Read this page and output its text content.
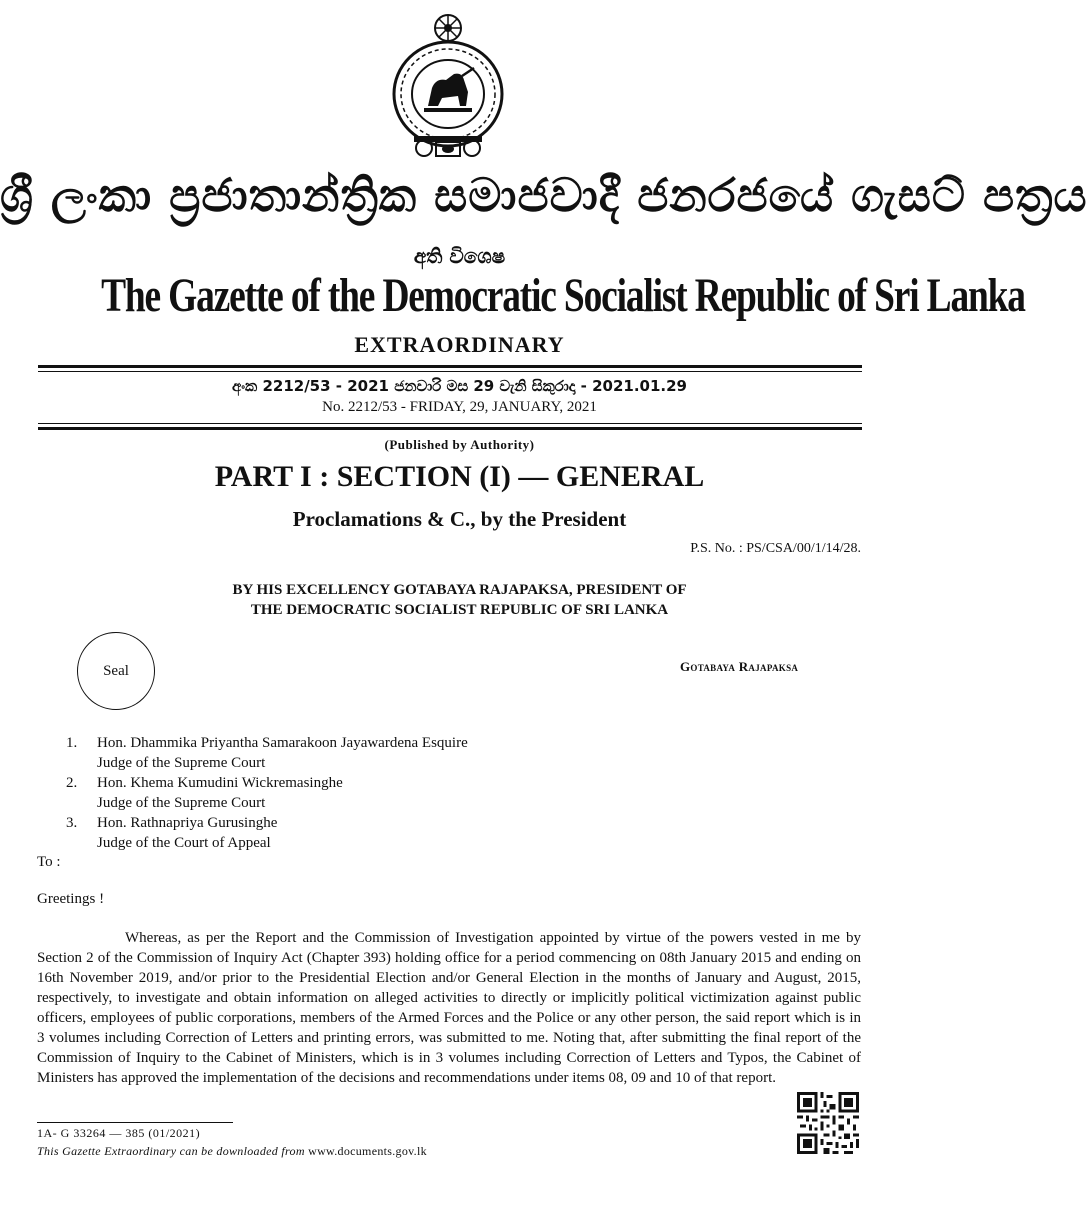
ශ්‍රී ලංකා ප්‍රජාතාන්ත්‍රික සමාජවාදී ජනරජයේ ගැසට් පත්‍රය
අති විශෙෂ
The Gazette of the Democratic Socialist Republic of Sri Lanka
EXTRAORDINARY
අංක 2212/53 - 2021 ජනවාරි මස 29 වැනි සිකුරාදා - 2021.01.29
No. 2212/53 - FRIDAY, 29, JANUARY, 2021
(Published by Authority)
PART I : SECTION (I) — GENERAL
Proclamations & C., by the President
P.S. No. : PS/CSA/00/1/14/28.
BY HIS EXCELLENCY GOTABAYA RAJAPAKSA, PRESIDENT OF
THE DEMOCRATIC SOCIALIST REPUBLIC OF SRI LANKA
Seal	Gotabaya Rajapaksa
1.	Hon. Dhammika Priyantha Samarakoon Jayawardena Esquire
Judge of the Supreme Court
2.	Hon. Khema Kumudini Wickremasinghe
Judge of the Supreme Court
3.	Hon. Rathnapriya Gurusinghe
Judge of the Court of Appeal
To :
Greetings !

Whereas, as per the Report and the Commission of Investigation appointed by virtue of the powers vested in me by Section 2 of the Commission of Inquiry Act (Chapter 393) holding office for a period commencing on 08th January 2015 and ending on 16th November 2019, and/or prior to the Presidential Election and/or General Election in the months of January and August, 2015, respectively, to investigate and obtain information on alleged activities to directly or implicitly political victimization against public officers, employees of public corporations, members of the Armed Forces and the Police or any other person, the said report which is in 3 volumes including Correction of Letters and printing errors, was submitted to me. Noting that, after submitting the final report of the Commission of Inquiry to the Cabinet of Ministers, which is in 3 volumes including Correction of Letters and Typos, the Cabinet of Ministers has approved the implementation of the decisions and recommendations under items 08, 09 and 10 of that report.

1A- G 33264 — 385 (01/2021)
This Gazette Extraordinary can be downloaded from www.documents.gov.lk
